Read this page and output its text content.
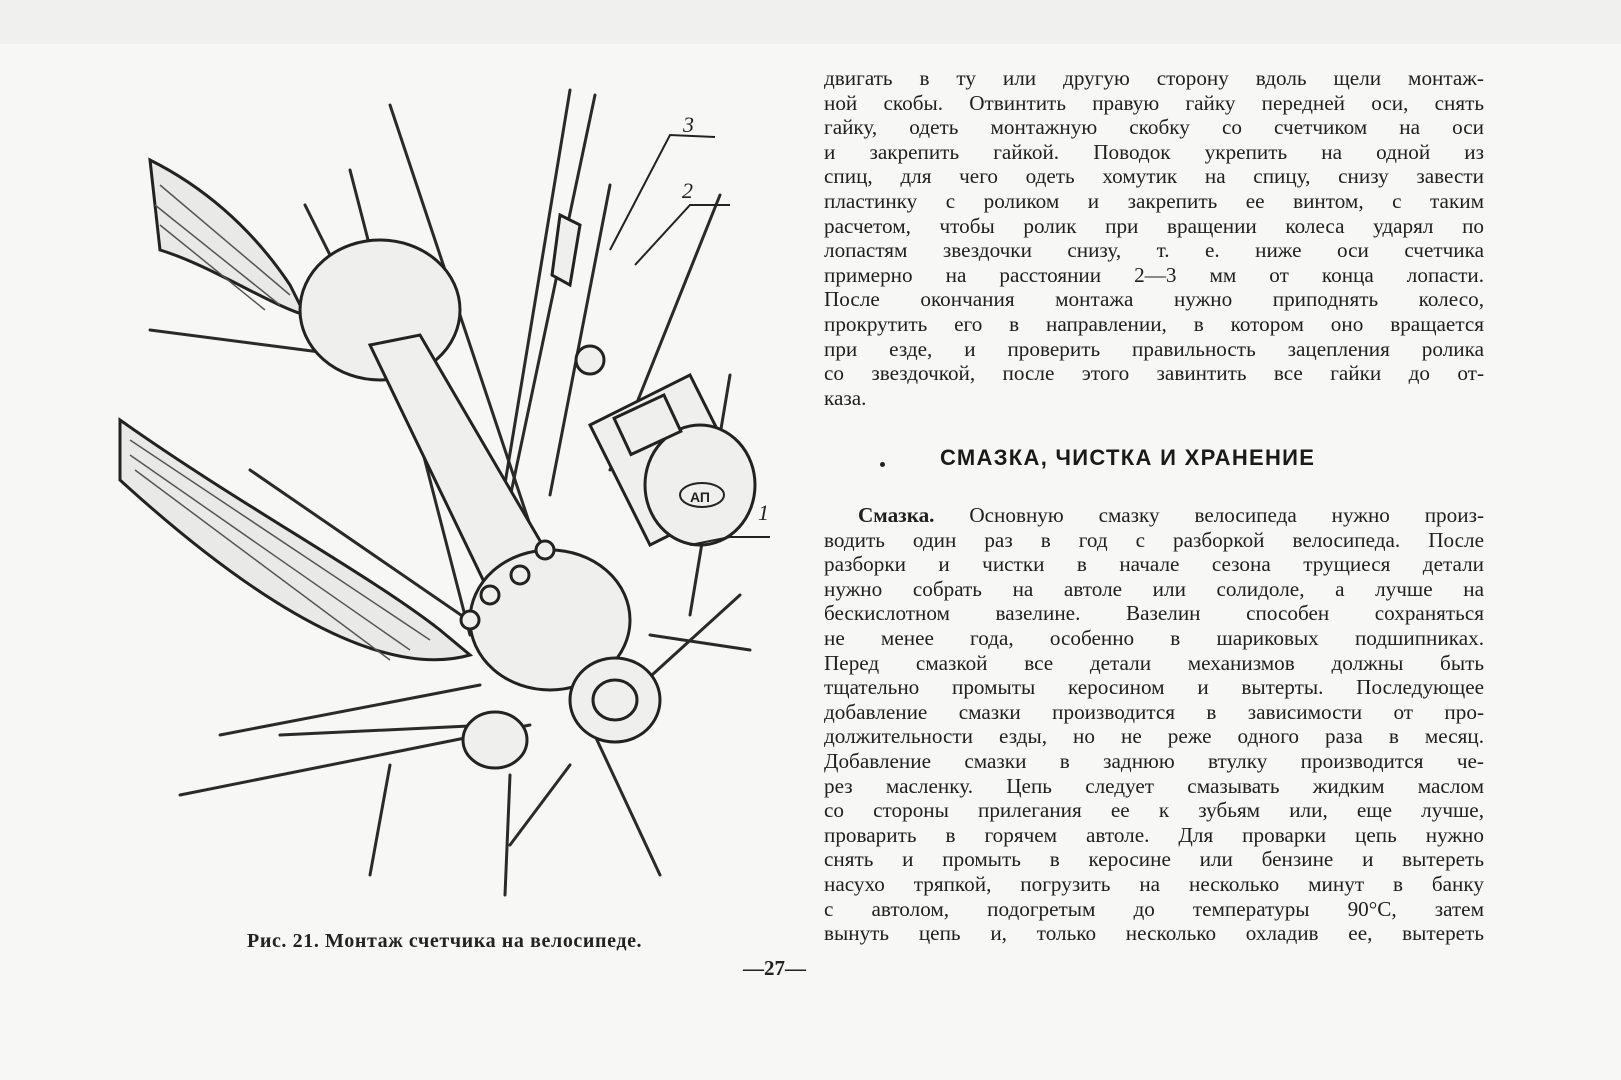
АП
3
2
1
Рис. 21. Монтаж счетчика на велосипеде.
двигать в ту или другую сторону вдоль щели монтаж-
ной скобы. Отвинтить правую гайку передней оси, снять
гайку, одеть монтажную скобку со счетчиком на оси
и закрепить гайкой. Поводок укрепить на одной из
спиц, для чего одеть хомутик на спицу, снизу завести
пластинку с роликом и закрепить ее винтом, с таким
расчетом, чтобы ролик при вращении колеса ударял по
лопастям звездочки снизу, т. е. ниже оси счетчика
примерно на расстоянии 2—3 мм от конца лопасти.
После окончания монтажа нужно приподнять колесо,
прокрутить его в направлении, в котором оно вращается
при езде, и проверить правильность зацепления ролика
со звездочкой, после этого завинтить все гайки до от-
каза.
СМАЗКА, ЧИСТКА И ХРАНЕНИЕ
Смазка. Основную смазку велосипеда нужно произ-
водить один раз в год с разборкой велосипеда. После
разборки и чистки в начале сезона трущиеся детали
нужно собрать на автоле или солидоле, а лучше на
бескислотном вазелине. Вазелин способен сохраняться
не менее года, особенно в шариковых подшипниках.
Перед смазкой все детали механизмов должны быть
тщательно промыты керосином и вытерты. Последующее
добавление смазки производится в зависимости от про-
должительности езды, но не реже одного раза в месяц.
Добавление смазки в заднюю втулку производится че-
рез масленку. Цепь следует смазывать жидким маслом
со стороны прилегания ее к зубьям или, еще лучше,
проварить в горячем автоле. Для проварки цепь нужно
снять и промыть в керосине или бензине и вытереть
насухо тряпкой, погрузить на несколько минут в банку
с автолом, подогретым до температуры 90°С, затем
вынуть цепь и, только несколько охладив ее, вытереть
—27—
